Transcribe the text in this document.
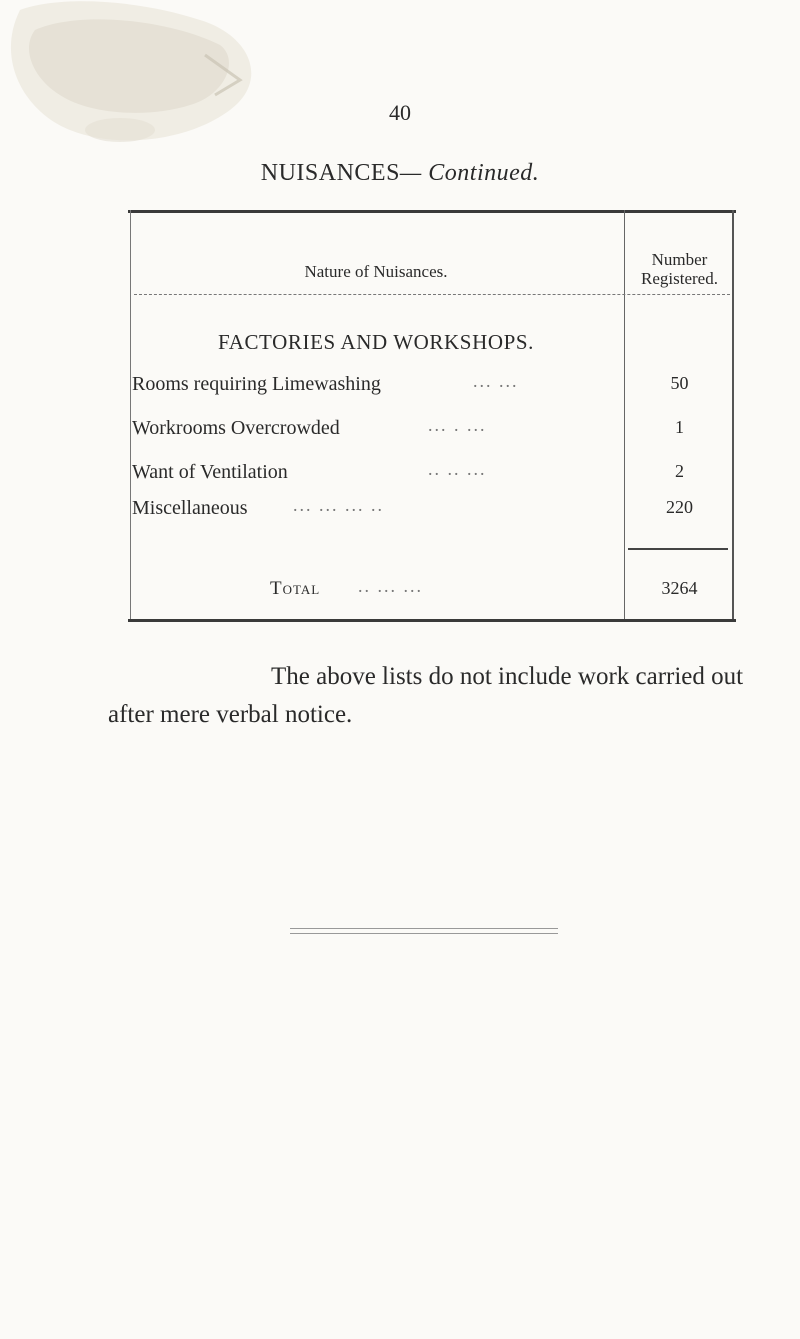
40
NUISANCES— Continued.
Nature of Nuisances.
Number
Registered.
FACTORIES AND WORKSHOPS.
Rooms requiring Limewashing	... ...	50
Workrooms Overcrowded	... . ...	1
Want of Ventilation	.. .. ...	2
Miscellaneous	... ... ... ..	220
Total .. ... ...	3264
The above lists do not include work carried out after mere verbal notice.
